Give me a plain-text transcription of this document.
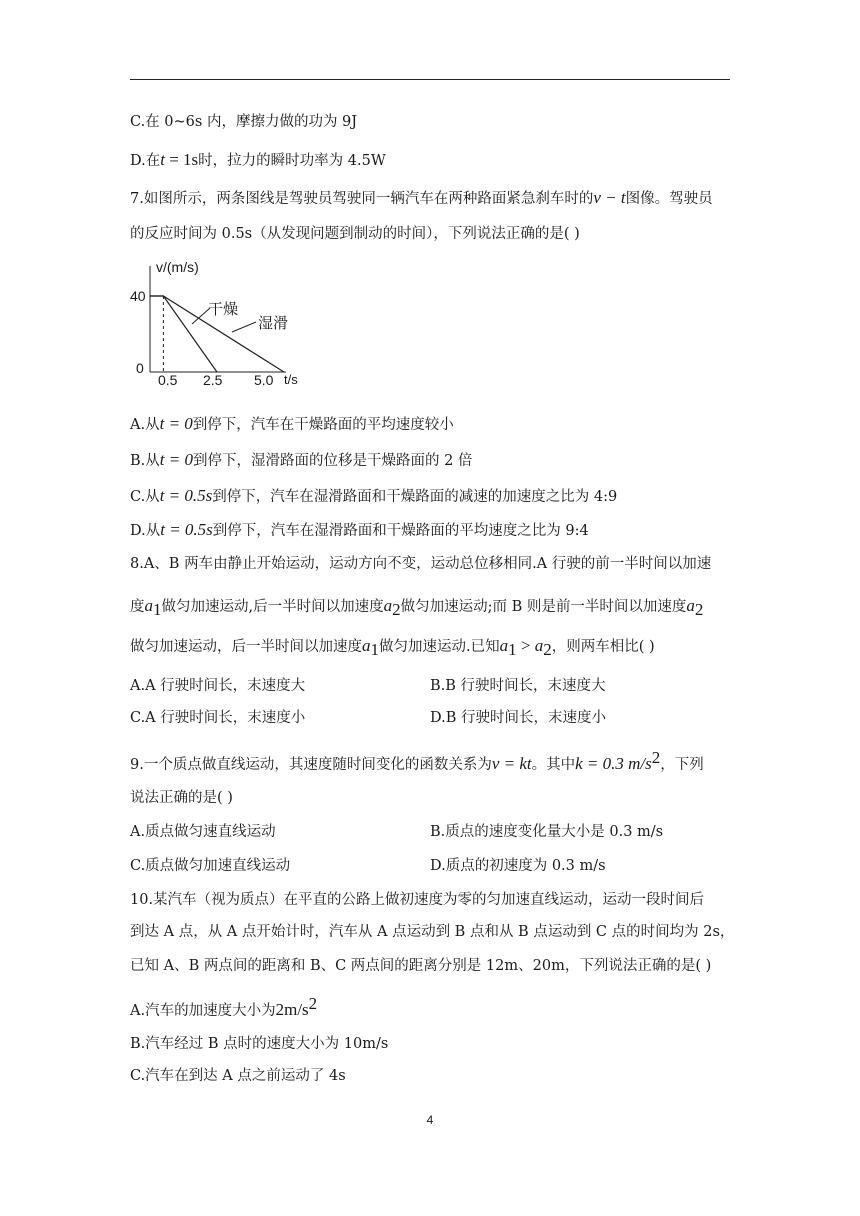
C.在 0~6s 内，摩擦力做的功为 9J
D.在t = 1s时，拉力的瞬时功率为 4.5W
7.如图所示，两条图线是驾驶员驾驶同一辆汽车在两种路面紧急刹车时的v − t图像。驾驶员
的反应时间为 0.5s（从发现问题到制动的时间），下列说法正确的是( )
v/(m/s)
t/s
40
0
0.5 2.5 5.0
干燥
湿滑
A.从t = 0到停下，汽车在干燥路面的平均速度较小
B.从t = 0到停下，湿滑路面的位移是干燥路面的 2 倍
C.从t = 0.5s到停下，汽车在湿滑路面和干燥路面的减速的加速度之比为 4:9
D.从t = 0.5s到停下，汽车在湿滑路面和干燥路面的平均速度之比为 9:4
8.A、B 两车由静止开始运动，运动方向不变，运动总位移相同.A 行驶的前一半时间以加速
度$a_1$做匀加速运动,后一半时间以加速度$a_2$做匀加速运动;而 B 则是前一半时间以加速度$a_2$
做匀加速运动，后一半时间以加速度$a_1$做匀加速运动.已知$a_1 > a_2$，则两车相比( )
A.A 行驶时间长，末速度大	B.B 行驶时间长，末速度大
C.A 行驶时间长，末速度小	D.B 行驶时间长，末速度小
9.一个质点做直线运动，其速度随时间变化的函数关系为v = kt。其中k = 0.3 $m/s^2$，下列
说法正确的是( )
A.质点做匀速直线运动	B.质点的速度变化量大小是 0.3 m/s
C.质点做匀加速直线运动	D.质点的初速度为 0.3 m/s
10.某汽车（视为质点）在平直的公路上做初速度为零的匀加速直线运动，运动一段时间后
到达 A 点，从 A 点开始计时，汽车从 A 点运动到 B 点和从 B 点运动到 C 点的时间均为 2s，
已知 A、B 两点间的距离和 B、C 两点间的距离分别是 12m、20m，下列说法正确的是( )
A.汽车的加速度大小为$2m/s^2$
B.汽车经过 B 点时的速度大小为 10m/s
C.汽车在到达 A 点之前运动了 4s
4
